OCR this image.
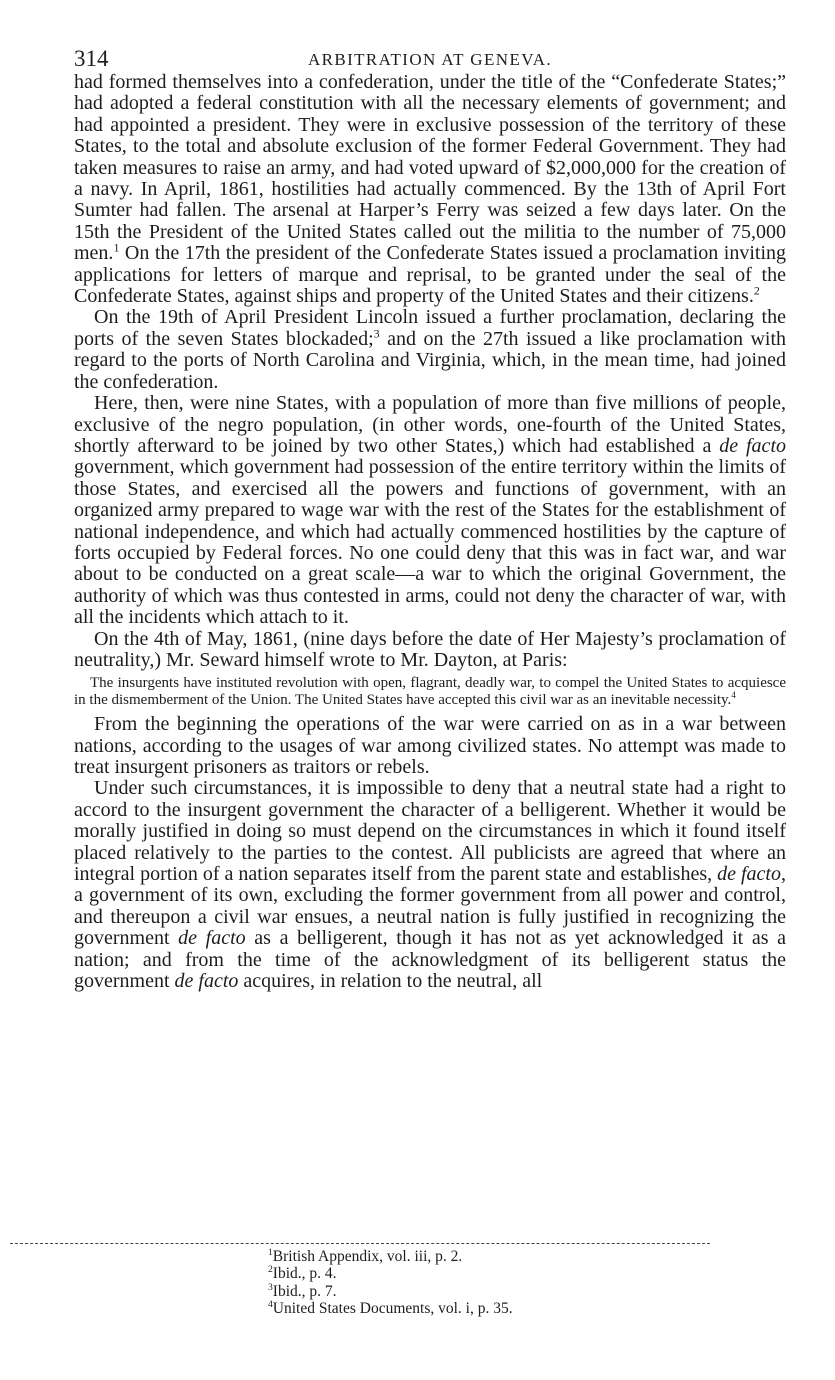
314	ARBITRATION AT GENEVA.

had formed themselves into a confederation, under the title of the “Confederate States;” had adopted a federal constitution with all the necessary elements of government; and had appointed a president. They were in exclusive possession of the territory of these States, to the total and absolute exclusion of the former Federal Government. They had taken measures to raise an army, and had voted upward of $2,000,000 for the creation of a navy. In April, 1861, hostilities had actually commenced. By the 13th of April Fort Sumter had fallen. The arsenal at Harper’s Ferry was seized a few days later. On the 15th the President of the United States called out the militia to the number of 75,000 men.$^1$ On the 17th the president of the Confederate States issued a proclamation inviting applications for letters of marque and reprisal, to be granted under the seal of the Confederate States, against ships and property of the United States and their citizens.$^2$

On the 19th of April President Lincoln issued a further proclamation, declaring the ports of the seven States blockaded;$^3$ and on the 27th issued a like proclamation with regard to the ports of North Carolina and Virginia, which, in the mean time, had joined the confederation.

Here, then, were nine States, with a population of more than five millions of people, exclusive of the negro population, (in other words, one-fourth of the United States, shortly afterward to be joined by two other States,) which had established a de facto government, which government had possession of the entire territory within the limits of those States, and exercised all the powers and functions of government, with an organized army prepared to wage war with the rest of the States for the establishment of national independence, and which had actually commenced hostilities by the capture of forts occupied by Federal forces. No one could deny that this was in fact war, and war about to be conducted on a great scale—a war to which the original Government, the authority of which was thus contested in arms, could not deny the character of war, with all the incidents which attach to it.

On the 4th of May, 1861, (nine days before the date of Her Majesty’s proclamation of neutrality,) Mr. Seward himself wrote to Mr. Dayton, at Paris:

The insurgents have instituted revolution with open, flagrant, deadly war, to compel the United States to acquiesce in the dismemberment of the Union. The United States have accepted this civil war as an inevitable necessity.$^4$

From the beginning the operations of the war were carried on as in a war between nations, according to the usages of war among civilized states. No attempt was made to treat insurgent prisoners as traitors or rebels.

Under such circumstances, it is impossible to deny that a neutral state had a right to accord to the insurgent government the character of a belligerent. Whether it would be morally justified in doing so must depend on the circumstances in which it found itself placed relatively to the parties to the contest. All publicists are agreed that where an integral portion of a nation separates itself from the parent state and establishes, de facto, a government of its own, excluding the former government from all power and control, and thereupon a civil war ensues, a neutral nation is fully justified in recognizing the government de facto as a belligerent, though it has not as yet acknowledged it as a nation; and from the time of the acknowledgment of its belligerent status the government de facto acquires, in relation to the neutral, all

$^1$British Appendix, vol. iii, p. 2.
$^2$Ibid., p. 4.
$^3$Ibid., p. 7.
$^4$United States Documents, vol. i, p. 35.
